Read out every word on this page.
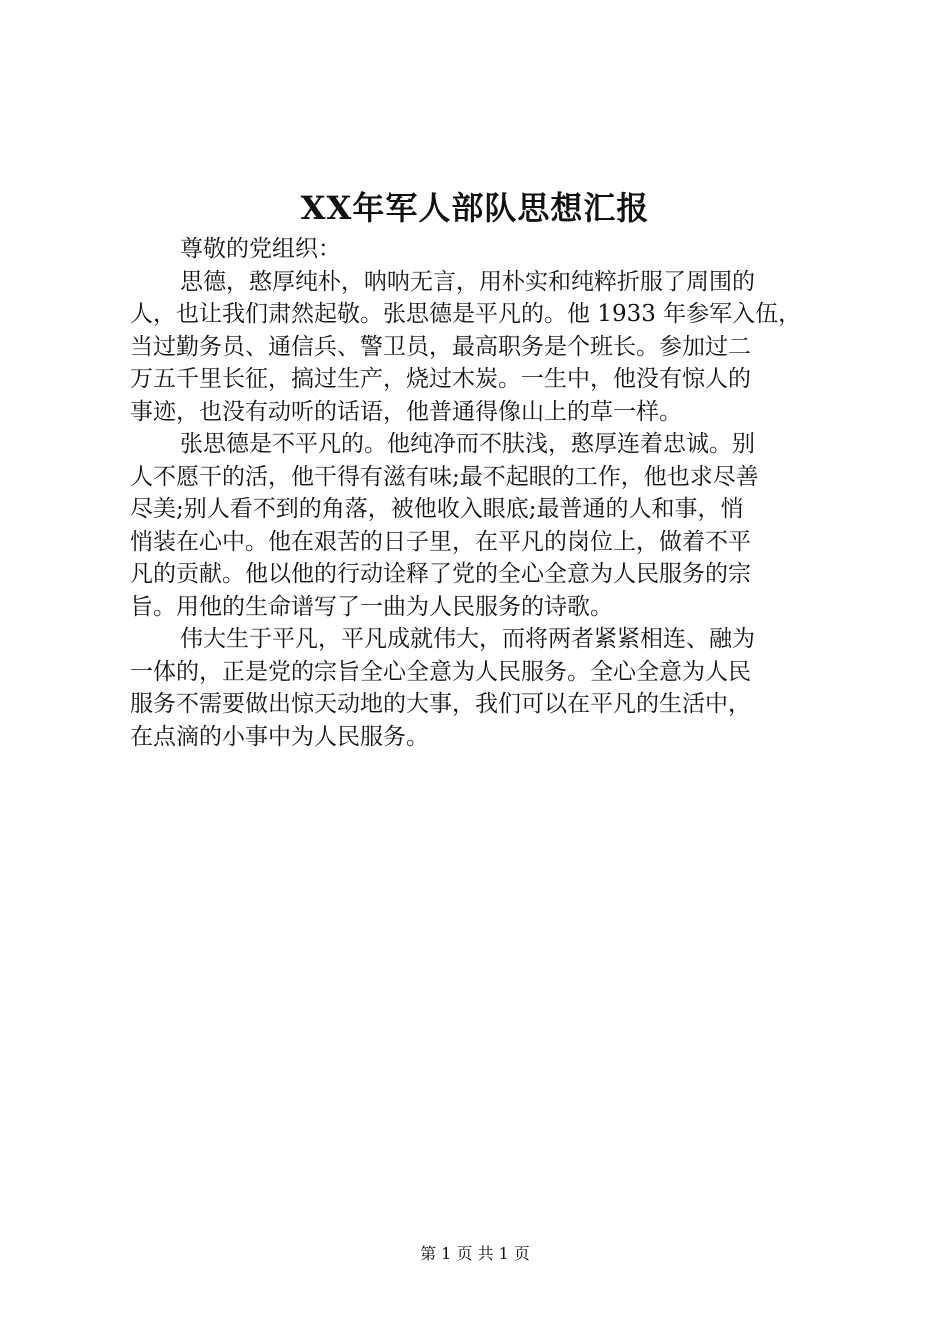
XX年军人部队思想汇报
尊敬的党组织：
思德，憨厚纯朴，呐呐无言，用朴实和纯粹折服了周围的
人，也让我们肃然起敬。张思德是平凡的。他 1933 年参军入伍，
当过勤务员、通信兵、警卫员，最高职务是个班长。参加过二
万五千里长征，搞过生产，烧过木炭。一生中，他没有惊人的
事迹，也没有动听的话语，他普通得像山上的草一样。
张思德是不平凡的。他纯净而不肤浅，憨厚连着忠诚。别
人不愿干的活，他干得有滋有味;最不起眼的工作，他也求尽善
尽美;别人看不到的角落，被他收入眼底;最普通的人和事，悄
悄装在心中。他在艰苦的日子里，在平凡的岗位上，做着不平
凡的贡献。他以他的行动诠释了党的全心全意为人民服务的宗
旨。用他的生命谱写了一曲为人民服务的诗歌。
伟大生于平凡，平凡成就伟大，而将两者紧紧相连、融为
一体的，正是党的宗旨全心全意为人民服务。全心全意为人民
服务不需要做出惊天动地的大事，我们可以在平凡的生活中，
在点滴的小事中为人民服务。
第 1 页 共 1 页
